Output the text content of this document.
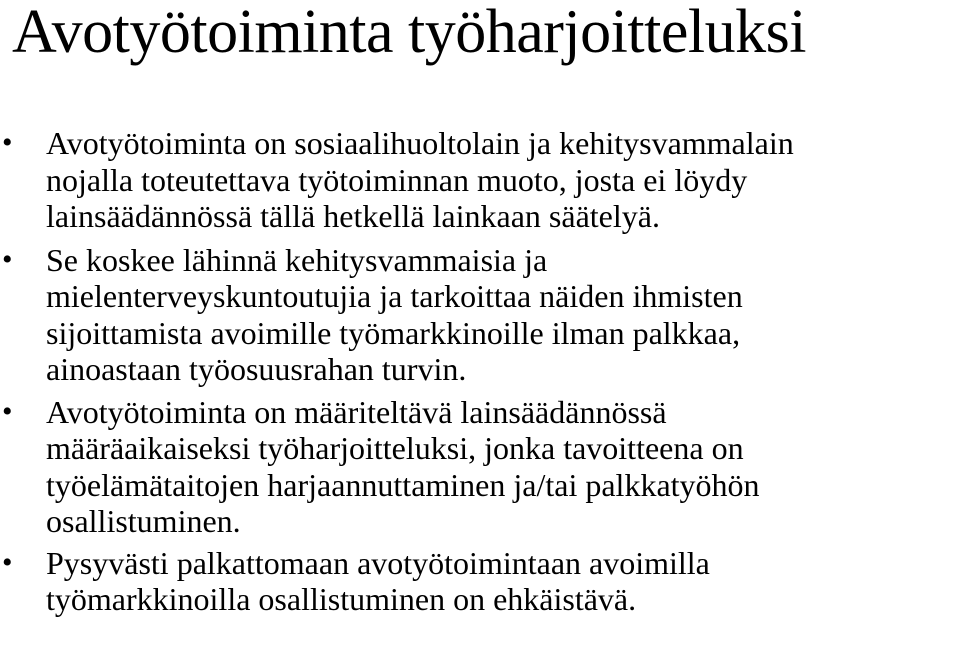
Avotyötoiminta työharjoitteluksi
• Avotyötoiminta on sosiaalihuoltolain ja kehitysvammalain
nojalla toteutettava työtoiminnan muoto, josta ei löydy
lainsäädännössä tällä hetkellä lainkaan säätelyä.
• Se koskee lähinnä kehitysvammaisia ja
mielenterveyskuntoutujia ja tarkoittaa näiden ihmisten
sijoittamista avoimille työmarkkinoille ilman palkkaa,
ainoastaan työosuusrahan turvin.
• Avotyötoiminta on määriteltävä lainsäädännössä
määräaikaiseksi työharjoitteluksi, jonka tavoitteena on
työelämätaitojen harjaannuttaminen ja/tai palkkatyöhön
osallistuminen.
• Pysyvästi palkattomaan avotyötoimintaan avoimilla
työmarkkinoilla osallistuminen on ehkäistävä.
